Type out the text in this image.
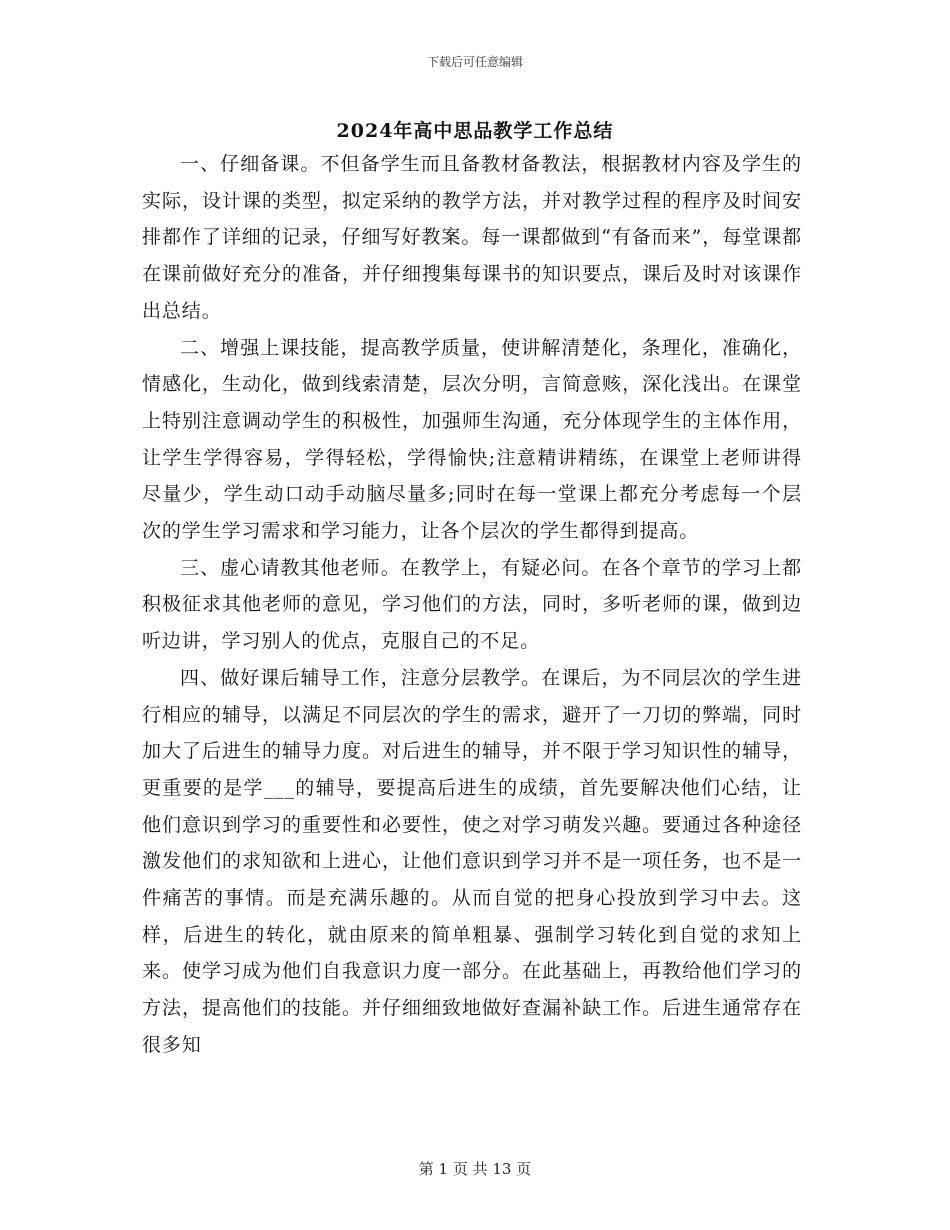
下载后可任意编辑
2024年高中思品教学工作总结

一、仔细备课。不但备学生而且备教材备教法，根据教材内容及学生的实际，设计课的类型，拟定采纳的教学方法，并对教学过程的程序及时间安排都作了详细的记录，仔细写好教案。每一课都做到“有备而来”，每堂课都在课前做好充分的准备，并仔细搜集每课书的知识要点，课后及时对该课作出总结。

二、增强上课技能，提高教学质量，使讲解清楚化，条理化，准确化，情感化，生动化，做到线索清楚，层次分明，言简意赅，深化浅出。在课堂上特别注意调动学生的积极性，加强师生沟通，充分体现学生的主体作用，让学生学得容易，学得轻松，学得愉快;注意精讲精练，在课堂上老师讲得尽量少，学生动口动手动脑尽量多;同时在每一堂课上都充分考虑每一个层次的学生学习需求和学习能力，让各个层次的学生都得到提高。

三、虚心请教其他老师。在教学上，有疑必问。在各个章节的学习上都积极征求其他老师的意见，学习他们的方法，同时，多听老师的课，做到边听边讲，学习别人的优点，克服自己的不足。

四、做好课后辅导工作，注意分层教学。在课后，为不同层次的学生进行相应的辅导，以满足不同层次的学生的需求，避开了一刀切的弊端，同时加大了后进生的辅导力度。对后进生的辅导，并不限于学习知识性的辅导，更重要的是学___的辅导，要提高后进生的成绩，首先要解决他们心结，让他们意识到学习的重要性和必要性，使之对学习萌发兴趣。要通过各种途径激发他们的求知欲和上进心，让他们意识到学习并不是一项任务，也不是一件痛苦的事情。而是充满乐趣的。从而自觉的把身心投放到学习中去。这样，后进生的转化，就由原来的简单粗暴、强制学习转化到自觉的求知上来。使学习成为他们自我意识力度一部分。在此基础上，再教给他们学习的方法，提高他们的技能。并仔细细致地做好查漏补缺工作。后进生通常存在很多知

第 1 页 共 13 页
